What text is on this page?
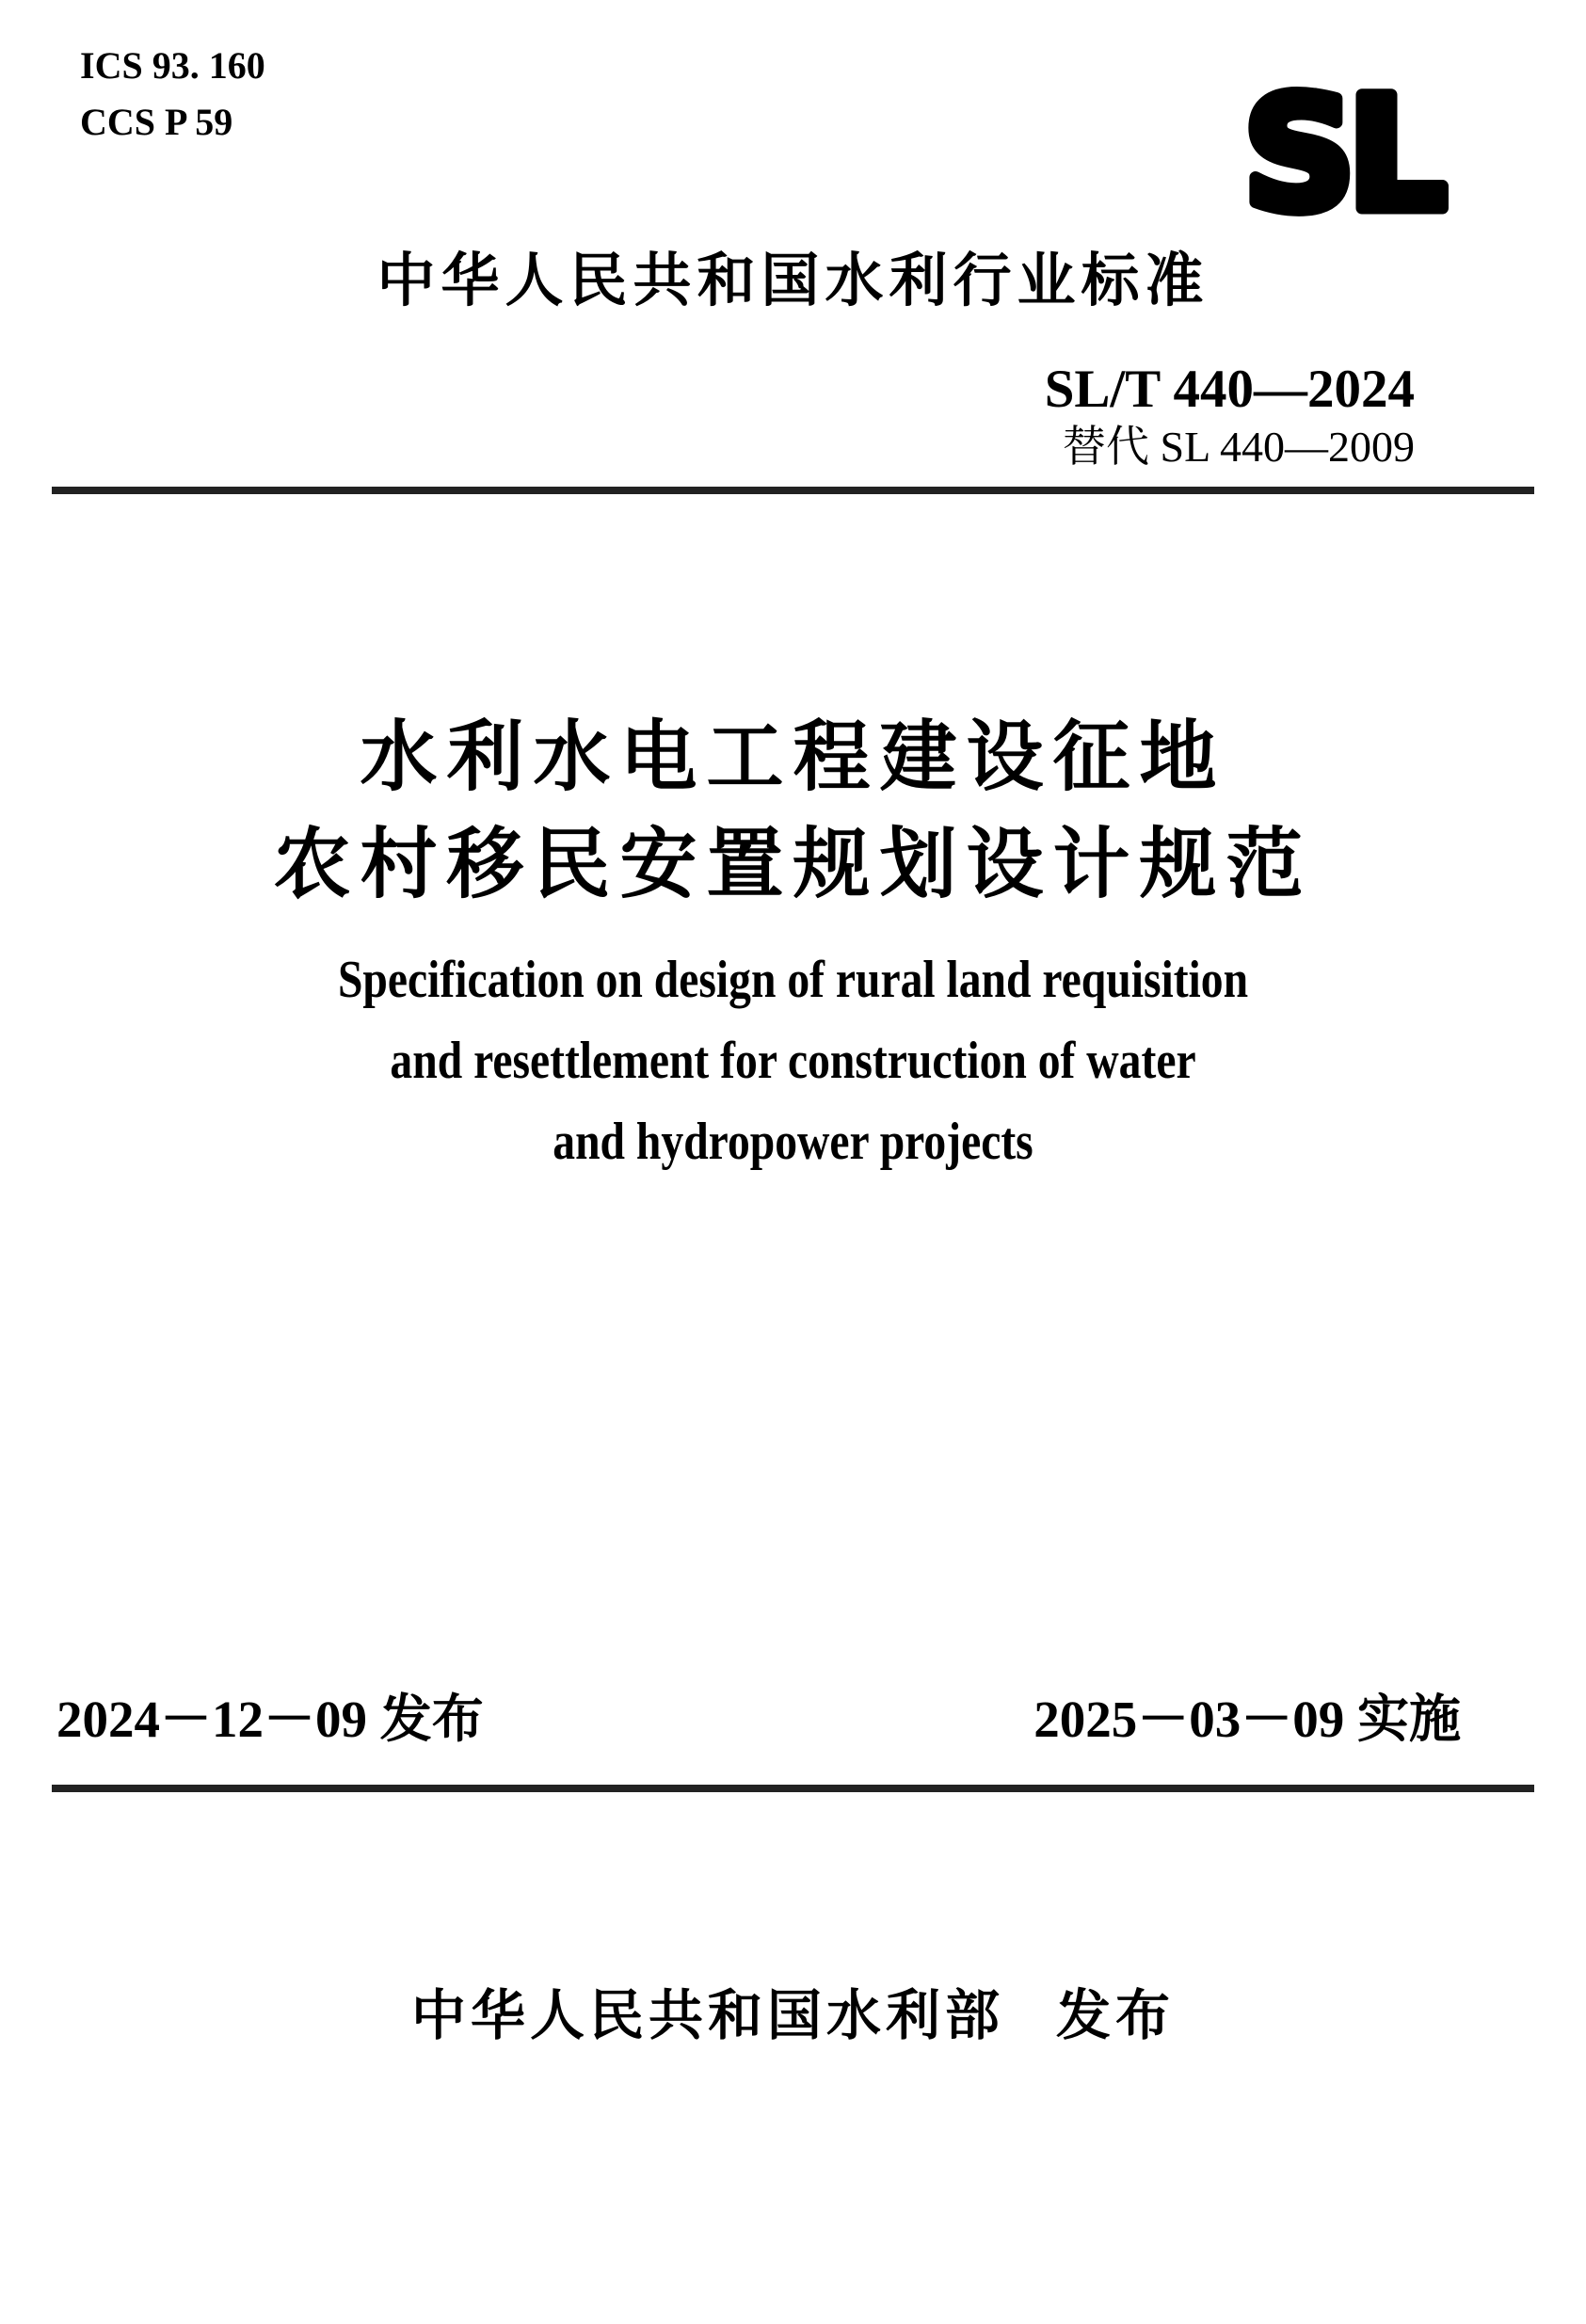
ICS 93. 160
CCS P 59	SL
中华人民共和国水利行业标准
SL/T 440—2024
替代 SL 440—2009
水利水电工程建设征地
农村移民安置规划设计规范
Specification on design of rural land requisition
and resettlement for construction of water
and hydropower projects
2024－12－09 发布	2025－03－09 实施
中华人民共和国水利部 发布
